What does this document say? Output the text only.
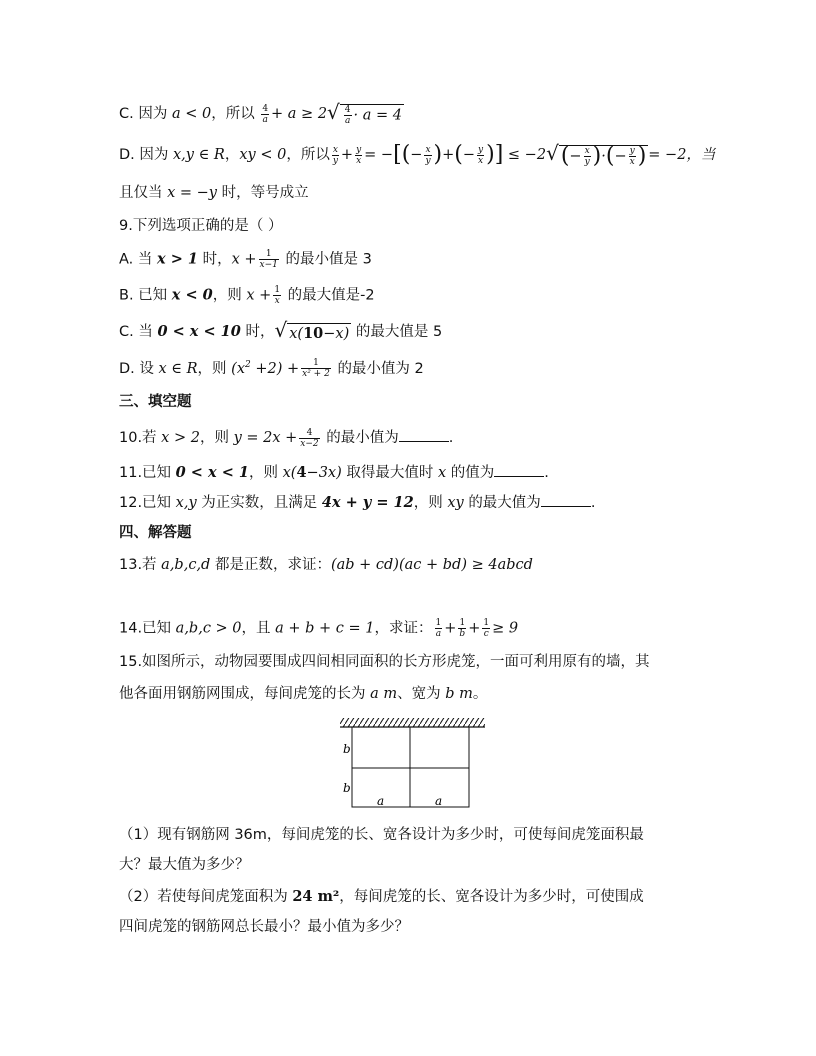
C. 因为 a < 0，所以 $\frac{4}{a} + a \ge 2√ \frac{4}{a} \cdot a = 4$
D. 因为 x,y ∈ R，xy < 0，所以 $\frac{x}{y} + \frac{y}{x}$ = −[(− $\frac{x}{y}$ )+(− $\frac{y}{x}$ )] ≤ $-2√(- \frac{x}{y}$ )·(− $\frac{y}{x}$ ) = −2，当
且仅当 x = −y 时，等号成立
9.下列选项正确的是（ ）
A. 当 x > 1 时，$x + \frac{1}{x-1}$ 的最小值是 3
B. 已知 x < 0，则 $x + \frac{1}{x}$ 的最大值是-2
C. 当 0 < x < 10 时，√ x(10−x) 的最大值是 5
D. 设 x ∈ R，则 $(x^2 +2) + \frac{1}{\text{x² + 2}}$ 的最小值为 2
三、填空题
10.若 x > 2，则 $y = 2x + \frac{4}{x-2}$ 的最小值为	.
11.已知 0 < x < 1，则 x(4−3x) 取得最大值时 x 的值为	.
12.已知 x,y 为正实数，且满足 4x + y = 12，则 xy 的最大值为	.
四、解答题
13.若 a,b,c,d 都是正数，求证：(ab + cd)(ac + bd) ≥ 4abcd
14.已知 a,b,c > 0，且 a + b + c = 1，求证： $\frac{1}{a} + \frac{1}{b} + \frac{1}{c} \ge 9$
15.如图所示，动物园要围成四间相同面积的长方形虎笼，一面可利用原有的墙，其
他各面用钢筋网围成，每间虎笼的长为 a m、宽为 b m。
b
b
a	a
（1）现有钢筋网 36m，每间虎笼的长、宽各设计为多少时，可使每间虎笼面积最
大？最大值为多少？
（2）若使每间虎笼面积为 24 m²，每间虎笼的长、宽各设计为多少时，可使围成
四间虎笼的钢筋网总长最小？最小值为多少？
